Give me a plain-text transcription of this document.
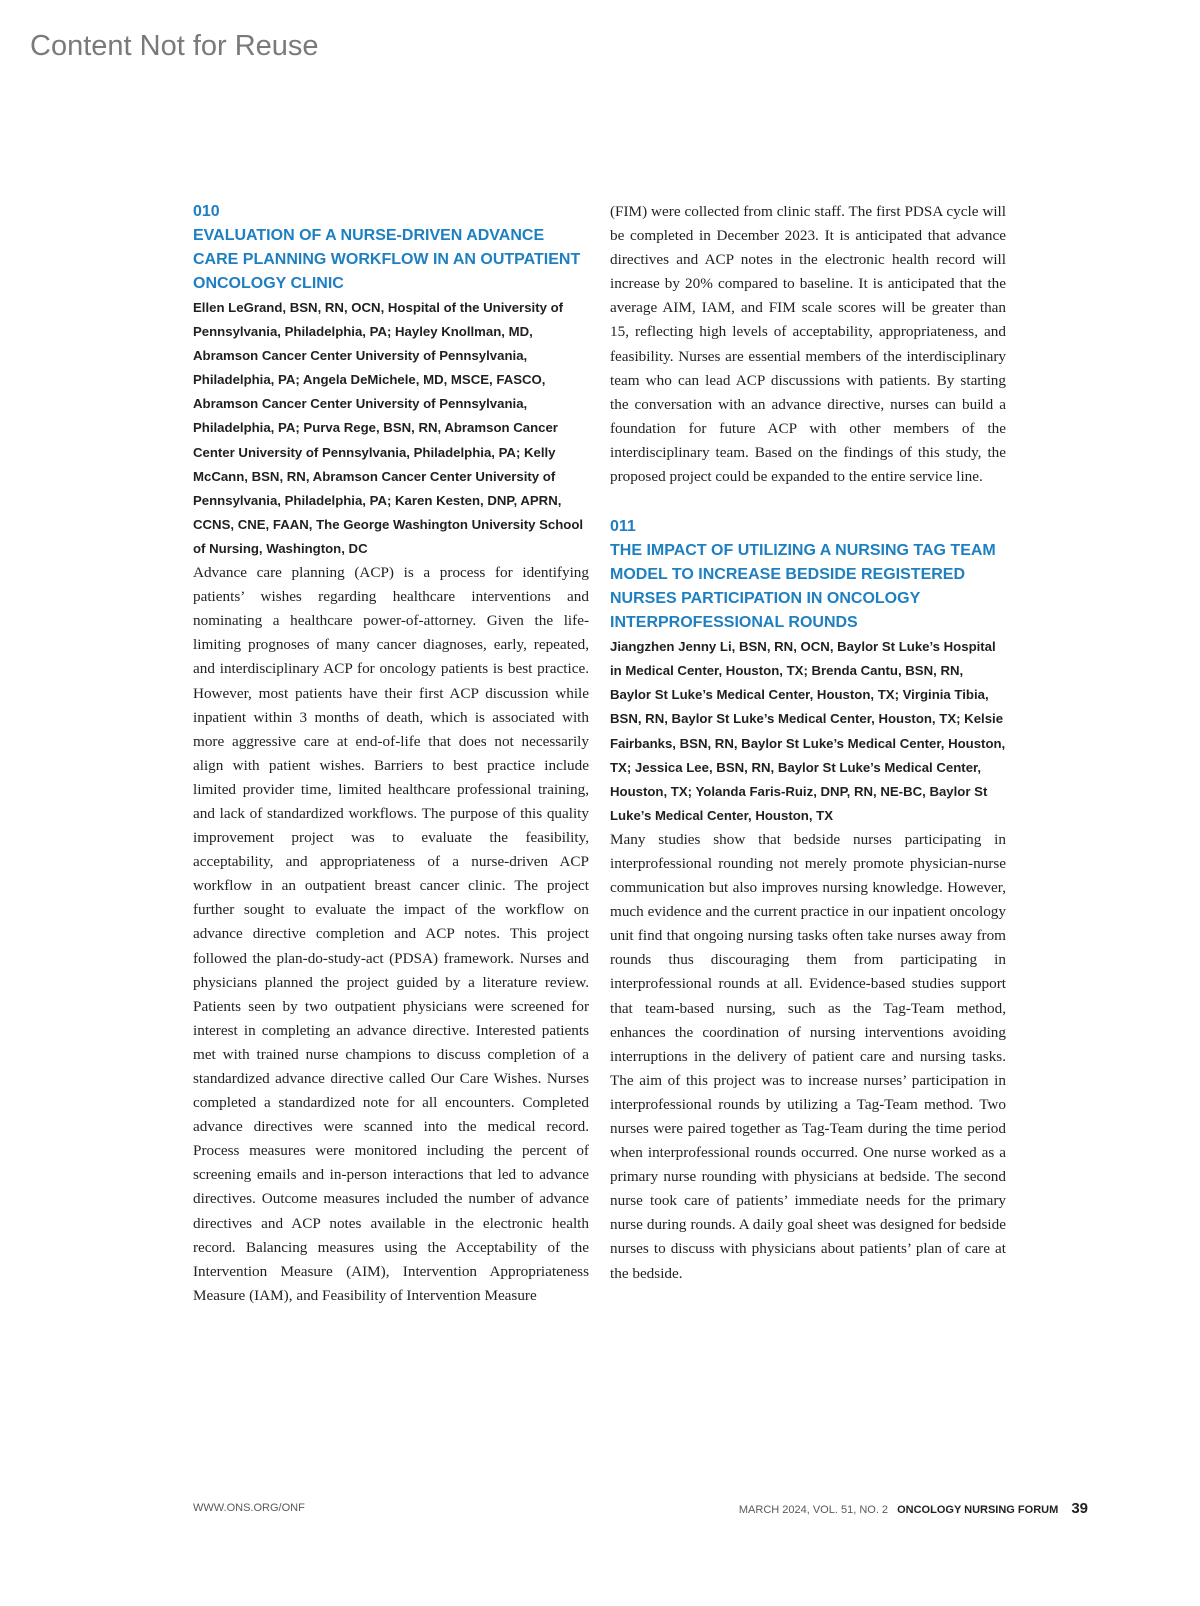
Content Not for Reuse

010

EVALUATION OF A NURSE-DRIVEN ADVANCE CARE PLANNING WORKFLOW IN AN OUTPATIENT ONCOLOGY CLINIC

Ellen LeGrand, BSN, RN, OCN, Hospital of the University of Pennsylvania, Philadelphia, PA; Hayley Knollman, MD, Abramson Cancer Center University of Pennsylvania, Philadelphia, PA; Angela DeMichele, MD, MSCE, FASCO, Abramson Cancer Center University of Pennsylvania, Philadelphia, PA; Purva Rege, BSN, RN, Abramson Cancer Center University of Pennsylvania, Philadelphia, PA; Kelly McCann, BSN, RN, Abramson Cancer Center University of Pennsylvania, Philadelphia, PA; Karen Kesten, DNP, APRN, CCNS, CNE, FAAN, The George Washington University School of Nursing, Washington, DC

Advance care planning (ACP) is a process for identifying patients’ wishes regarding healthcare interventions and nominating a healthcare power-of-attorney. Given the life-limiting prognoses of many cancer diagnoses, early, repeated, and interdisciplinary ACP for oncology patients is best practice. However, most patients have their first ACP discussion while inpatient within 3 months of death, which is associated with more aggressive care at end-of-life that does not necessarily align with patient wishes. Barriers to best practice include limited provider time, limited healthcare professional training, and lack of standardized workflows. The purpose of this quality improvement project was to evaluate the feasibility, acceptability, and appropriateness of a nurse-driven ACP workflow in an outpatient breast cancer clinic. The project further sought to evaluate the impact of the workflow on advance directive completion and ACP notes. This project followed the plan-do-study-act (PDSA) framework. Nurses and physicians planned the project guided by a literature review. Patients seen by two outpatient physicians were screened for interest in completing an advance directive. Interested patients met with trained nurse champions to discuss completion of a standardized advance directive called Our Care Wishes. Nurses completed a standardized note for all encounters. Completed advance directives were scanned into the medical record. Process measures were monitored including the percent of screening emails and in-person interactions that led to advance directives. Outcome measures included the number of advance directives and ACP notes available in the electronic health record. Balancing measures using the Acceptability of the Intervention Measure (AIM), Intervention Appropriateness Measure (IAM), and Feasibility of Intervention Measure

(FIM) were collected from clinic staff. The first PDSA cycle will be completed in December 2023. It is anticipated that advance directives and ACP notes in the electronic health record will increase by 20% compared to baseline. It is anticipated that the average AIM, IAM, and FIM scale scores will be greater than 15, reflecting high levels of acceptability, appropriateness, and feasibility. Nurses are essential members of the interdisciplinary team who can lead ACP discussions with patients. By starting the conversation with an advance directive, nurses can build a foundation for future ACP with other members of the interdisciplinary team. Based on the findings of this study, the proposed project could be expanded to the entire service line.

011

THE IMPACT OF UTILIZING A NURSING TAG TEAM MODEL TO INCREASE BEDSIDE REGISTERED NURSES PARTICIPATION IN ONCOLOGY INTERPROFESSIONAL ROUNDS

Jiangzhen Jenny Li, BSN, RN, OCN, Baylor St Luke’s Hospital in Medical Center, Houston, TX; Brenda Cantu, BSN, RN, Baylor St Luke’s Medical Center, Houston, TX; Virginia Tibia, BSN, RN, Baylor St Luke’s Medical Center, Houston, TX; Kelsie Fairbanks, BSN, RN, Baylor St Luke’s Medical Center, Houston, TX; Jessica Lee, BSN, RN, Baylor St Luke’s Medical Center, Houston, TX; Yolanda Faris-Ruiz, DNP, RN, NE-BC, Baylor St Luke’s Medical Center, Houston, TX

Many studies show that bedside nurses participating in interprofessional rounding not merely promote physician-nurse communication but also improves nursing knowledge. However, much evidence and the current practice in our inpatient oncology unit find that ongoing nursing tasks often take nurses away from rounds thus discouraging them from participating in interprofessional rounds at all. Evidence-based studies support that team-based nursing, such as the Tag-Team method, enhances the coordination of nursing interventions avoiding interruptions in the delivery of patient care and nursing tasks. The aim of this project was to increase nurses’ participation in interprofessional rounds by utilizing a Tag-Team method. Two nurses were paired together as Tag-Team during the time period when interprofessional rounds occurred. One nurse worked as a primary nurse rounding with physicians at bedside. The second nurse took care of patients’ immediate needs for the primary nurse during rounds. A daily goal sheet was designed for bedside nurses to discuss with physicians about patients’ plan of care at the bedside.

WWW.ONS.ORG/ONF	MARCH 2024, VOL. 51, NO. 2 ONCOLOGY NURSING FORUM 39
